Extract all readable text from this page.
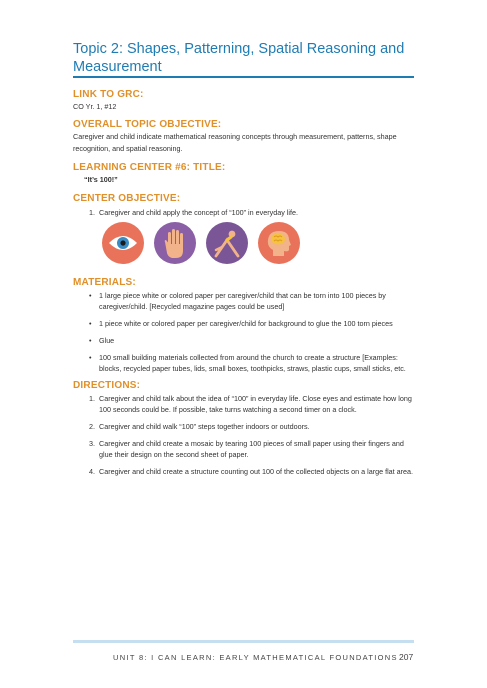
Topic 2: Shapes, Patterning, Spatial Reasoning and Measurement
LINK TO GRC:
CO Yr. 1, #12
OVERALL TOPIC OBJECTIVE:
Caregiver and child indicate mathematical reasoning concepts through measurement, patterns, shape recognition, and spatial reasoning.
LEARNING CENTER #6: TITLE:
“It’s 100!”
CENTER OBJECTIVE:
1. Caregiver and child apply the concept of “100” in everyday life.
MATERIALS:
• 1 large piece white or colored paper per caregiver/child that can be torn into 100 pieces by caregiver/child. [Recycled magazine pages could be used]
• 1 piece white or colored paper per caregiver/child for background to glue the 100 torn pieces
• Glue
• 100 small building materials collected from around the church to create a structure [Examples: blocks, recycled paper tubes, lids, small boxes, toothpicks, straws, plastic cups, small sticks, etc.
DIRECTIONS:
1. Caregiver and child talk about the idea of “100” in everyday life. Close eyes and estimate how long 100 seconds could be. If possible, take turns watching a second timer on a clock.
2. Caregiver and child walk “100” steps together indoors or outdoors.
3. Caregiver and child create a mosaic by tearing 100 pieces of small paper using their fingers and glue their design on the second sheet of paper.
4. Caregiver and child create a structure counting out 100 of the collected objects on a large flat area.
UNIT 8: I CAN LEARN: EARLY MATHEMATICAL FOUNDATIONS 207
